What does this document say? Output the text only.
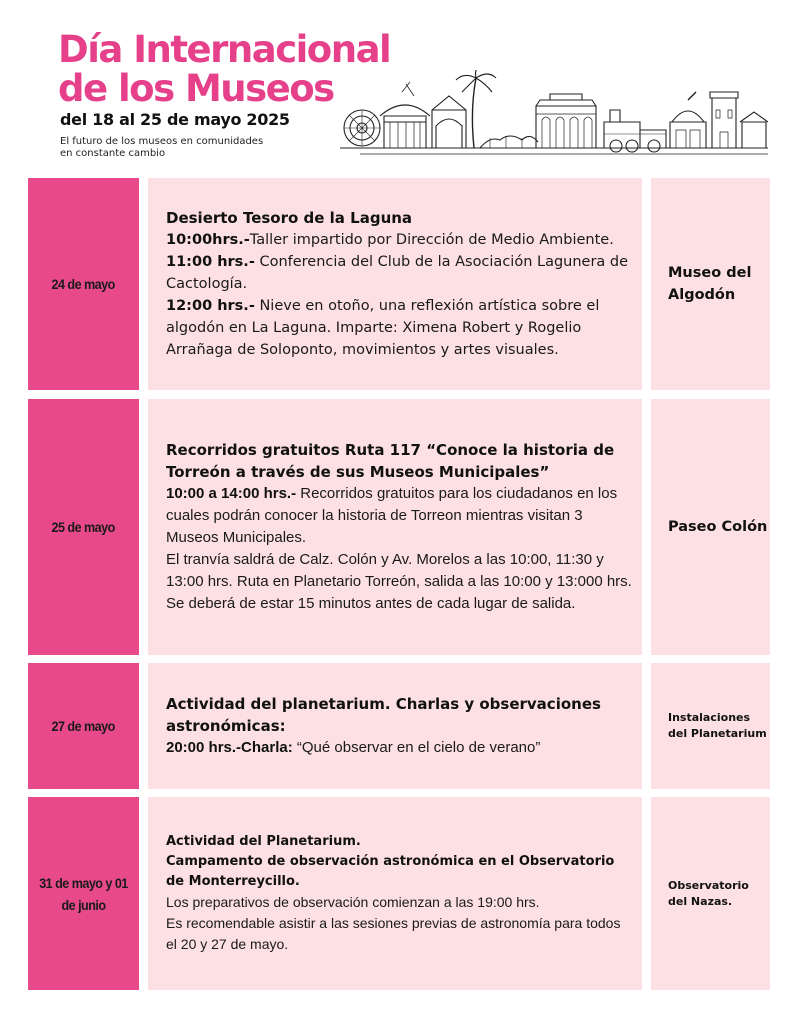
Día Internacional
de los Museos
del 18 al 25 de mayo 2025
El futuro de los museos en comunidades
en constante cambio
24 de mayo
Desierto Tesoro de la Laguna
10:00hrs.-Taller impartido por Dirección de Medio Ambiente.
11:00 hrs.- Conferencia del Club de la Asociación Lagunera de Cactología.
12:00 hrs.- Nieve en otoño, una reflexión artística sobre el algodón en La Laguna. Imparte: Ximena Robert y Rogelio Arrañaga de Soloponto, movimientos y artes visuales.
Museo del Algodón
25 de mayo
Recorridos gratuitos Ruta 117 “Conoce la historia de Torreón a través de sus Museos Municipales”
10:00 a 14:00 hrs.- Recorridos gratuitos para los ciudadanos en los cuales podrán conocer la historia de Torreon mientras visitan 3 Museos Municipales.
El tranvía saldrá de Calz. Colón y Av. Morelos a las 10:00, 11:30 y 13:00 hrs. Ruta en Planetario Torreón, salida a las 10:00 y 13:000 hrs. Se deberá de estar 15 minutos antes de cada lugar de salida.
Paseo Colón
27 de mayo
Actividad del planetarium. Charlas y observaciones astronómicas:
20:00 hrs.-Charla: “Qué observar en el cielo de verano”
Instalaciones del Planetarium
31 de mayo y 01 de junio
Actividad del Planetarium.
Campamento de observación astronómica en el Observatorio de Monterreycillo.
Los preparativos de observación comienzan a las 19:00 hrs.
Es recomendable asistir a las sesiones previas de astronomía para todos el 20 y 27 de mayo.
Observatorio del Nazas.
